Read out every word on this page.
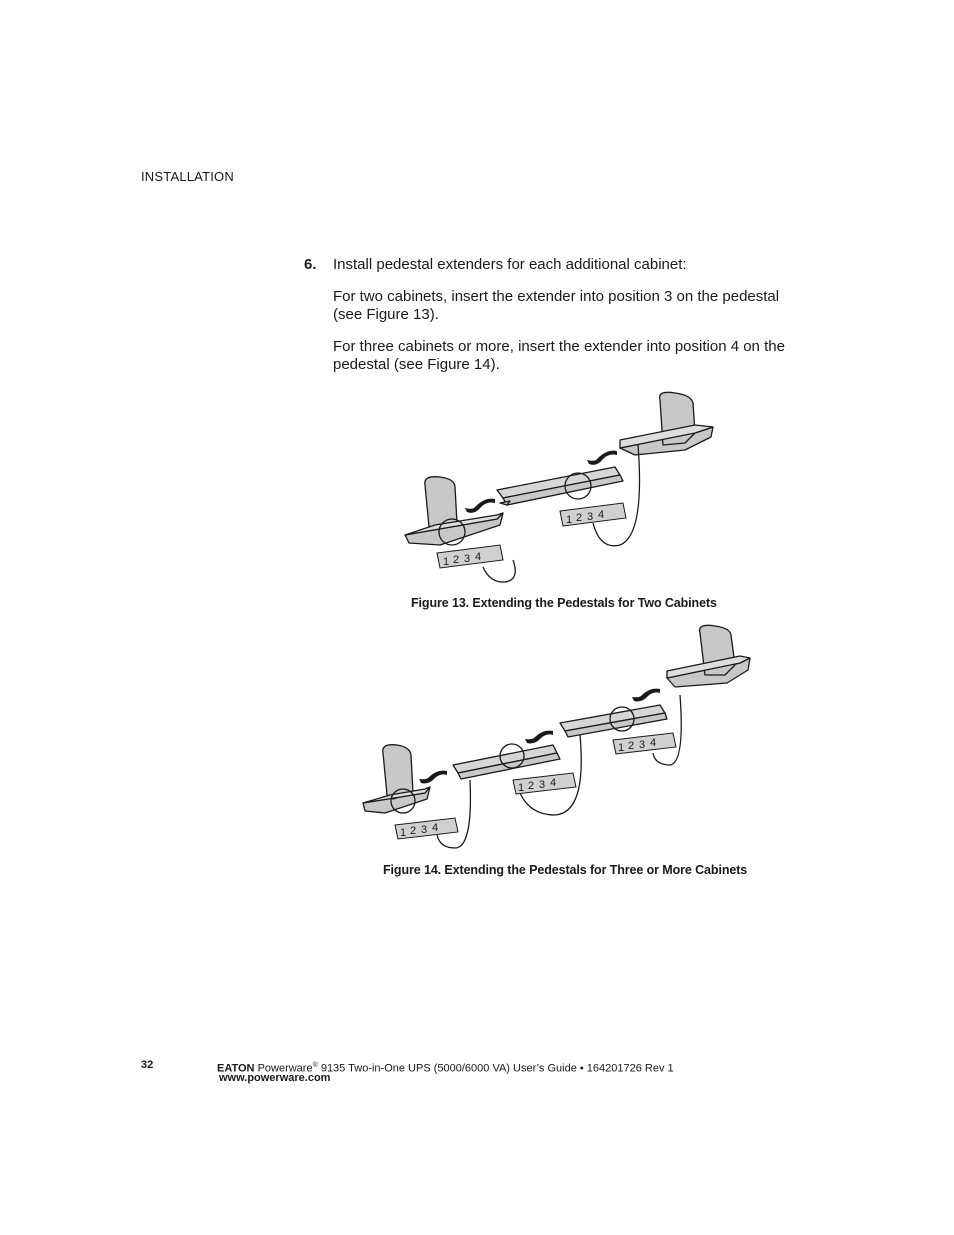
INSTALLATION
6. Install pedestal extenders for each additional cabinet:
For two cabinets, insert the extender into position 3 on the pedestal (see Figure 13).
For three cabinets or more, insert the extender into position 4 on the pedestal (see Figure 14).
1 2 3 4
1 2 3 4
Figure 13. Extending the Pedestals for Two Cabinets
1 2 3 4
1 2 3 4
1 2 3 4
Figure 14. Extending the Pedestals for Three or More Cabinets
32	EATON Powerware® 9135 Two-in-One UPS (5000/6000 VA) User’s Guide • 164201726 Rev 1
www.powerware.com
